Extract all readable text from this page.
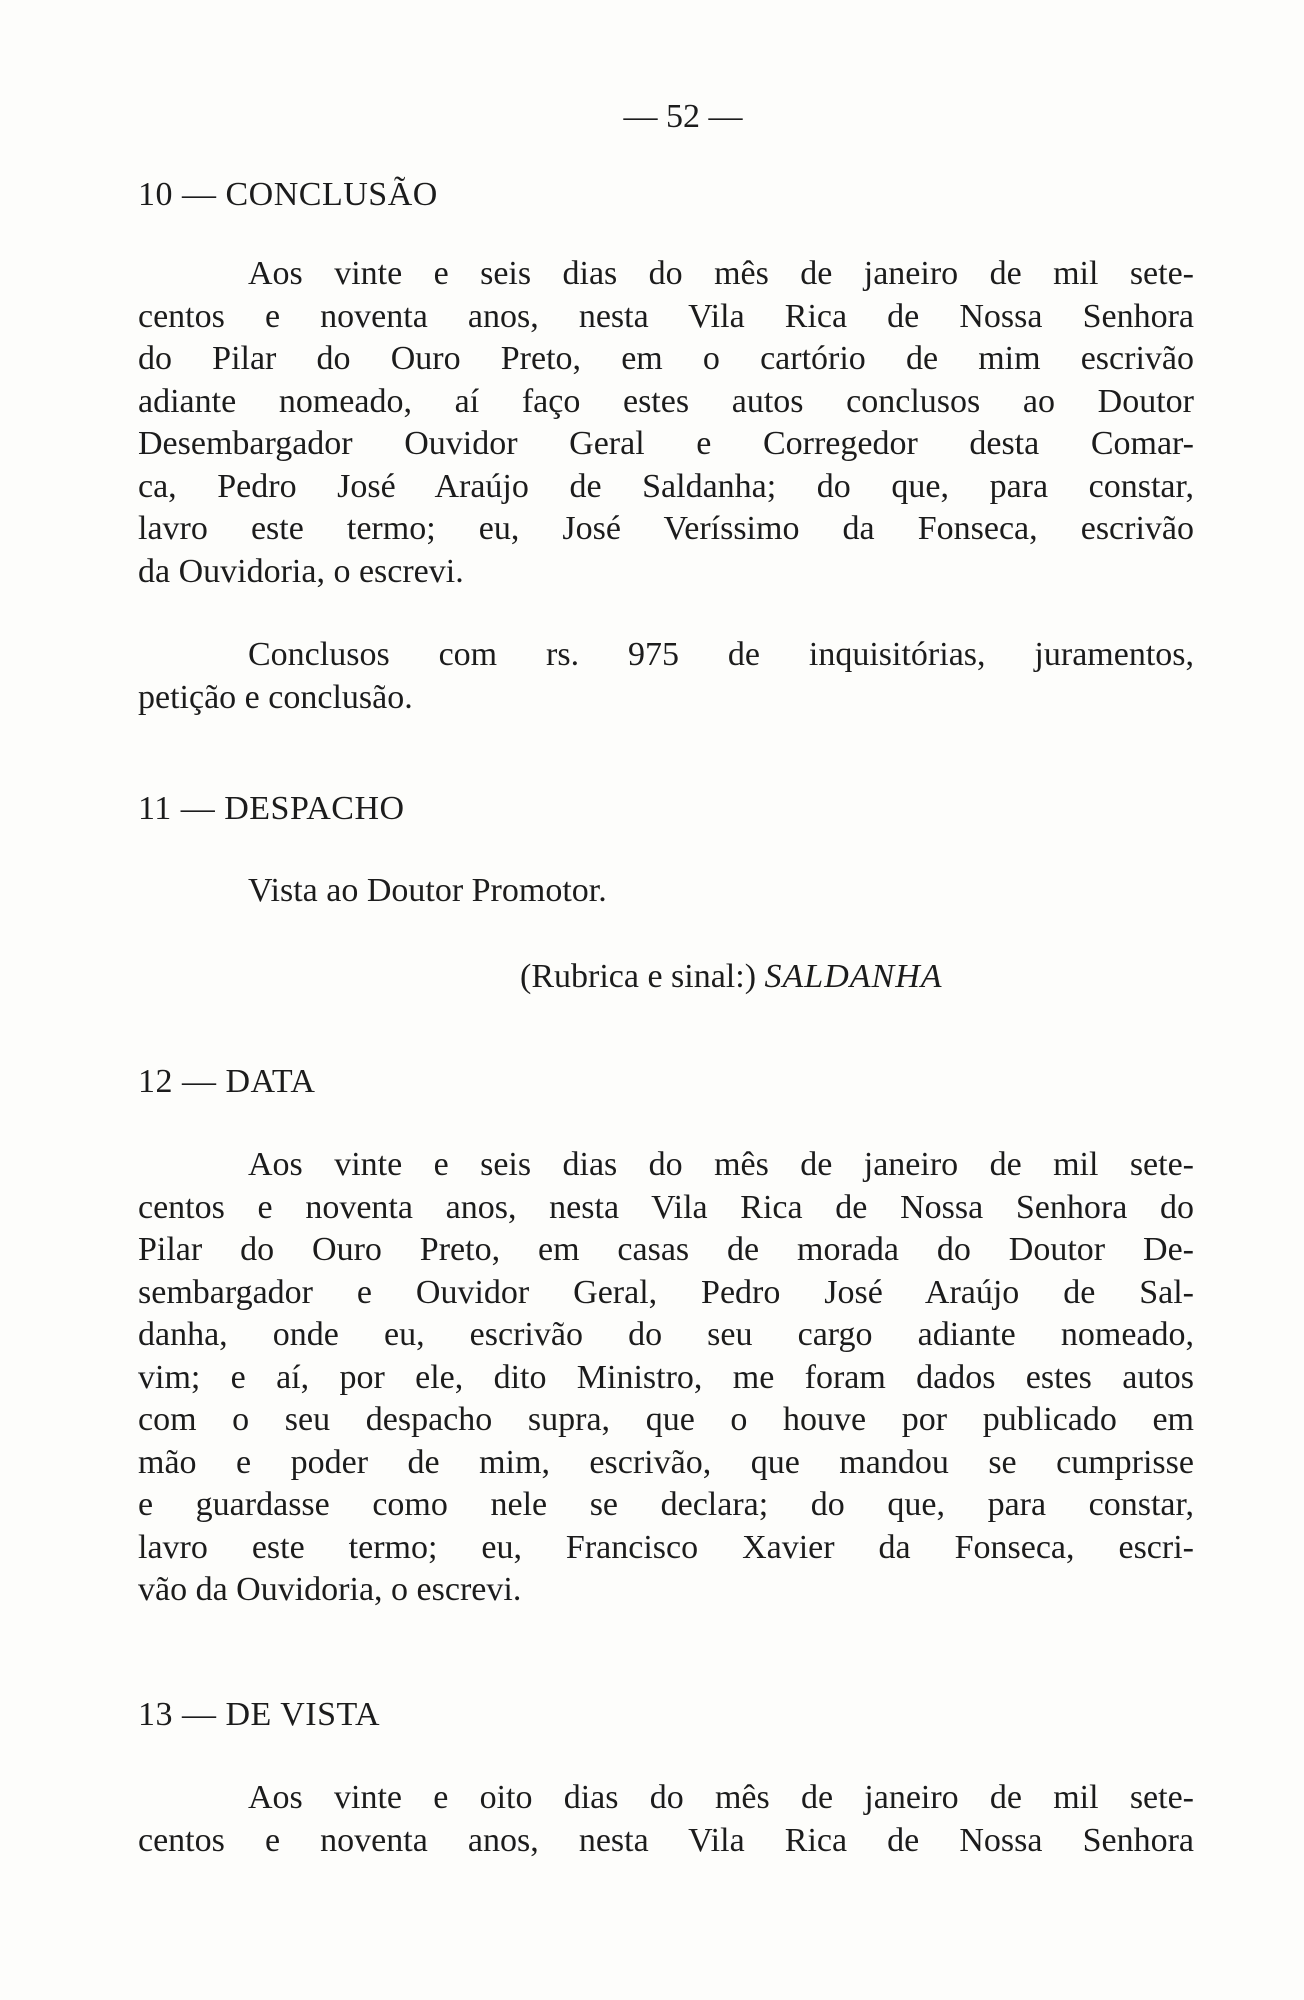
— 52 —
10 — CONCLUSÃO

Aos vinte e seis dias do mês de janeiro de mil sete-
centos e noventa anos, nesta Vila Rica de Nossa Senhora
do Pilar do Ouro Preto, em o cartório de mim escrivão
adiante nomeado, aí faço estes autos conclusos ao Doutor
Desembargador Ouvidor Geral e Corregedor desta Comar-
ca, Pedro José Araújo de Saldanha; do que, para constar,
lavro este termo; eu, José Veríssimo da Fonseca, escrivão
da Ouvidoria, o escrevi.

Conclusos com rs. 975 de inquisitórias, juramentos,
petição e conclusão.

11 — DESPACHO

Vista ao Doutor Promotor.

(Rubrica e sinal:) SALDANHA
12 — DATA

Aos vinte e seis dias do mês de janeiro de mil sete-
centos e noventa anos, nesta Vila Rica de Nossa Senhora do
Pilar do Ouro Preto, em casas de morada do Doutor De-
sembargador e Ouvidor Geral, Pedro José Araújo de Sal-
danha, onde eu, escrivão do seu cargo adiante nomeado,
vim; e aí, por ele, dito Ministro, me foram dados estes autos
com o seu despacho supra, que o houve por publicado em
mão e poder de mim, escrivão, que mandou se cumprisse
e guardasse como nele se declara; do que, para constar,
lavro este termo; eu, Francisco Xavier da Fonseca, escri-
vão da Ouvidoria, o escrevi.

13 — DE VISTA

Aos vinte e oito dias do mês de janeiro de mil sete-
centos e noventa anos, nesta Vila Rica de Nossa Senhora
